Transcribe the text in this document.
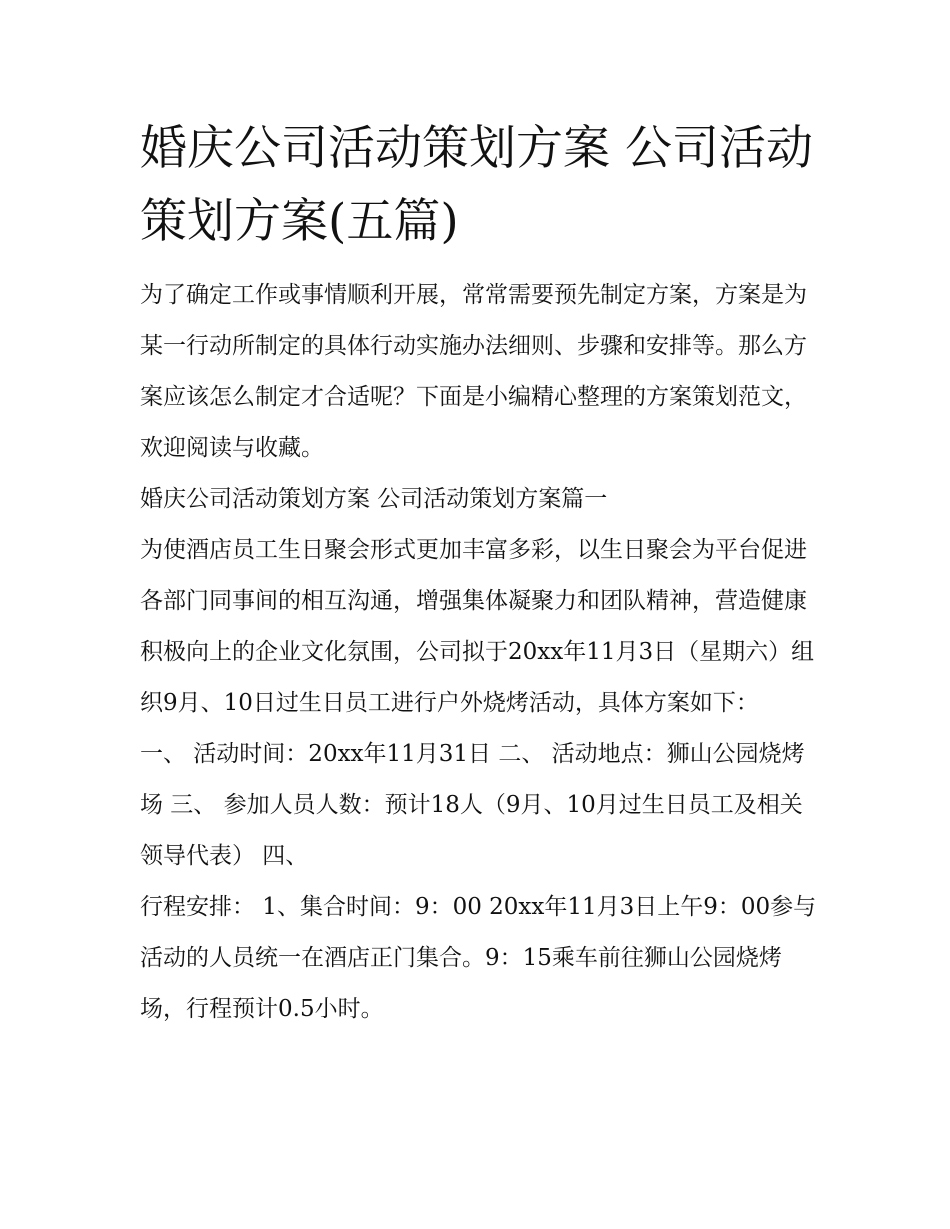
婚庆公司活动策划方案 公司活动策划方案(五篇)

为了确定工作或事情顺利开展，常常需要预先制定方案，方案是为某一行动所制定的具体行动实施办法细则、步骤和安排等。那么方案应该怎么制定才合适呢？下面是小编精心整理的方案策划范文，欢迎阅读与收藏。

婚庆公司活动策划方案 公司活动策划方案篇一

为使酒店员工生日聚会形式更加丰富多彩，以生日聚会为平台促进各部门同事间的相互沟通，增强集体凝聚力和团队精神，营造健康积极向上的企业文化氛围，公司拟于20xx年11月3日（星期六）组织9月、10日过生日员工进行户外烧烤活动，具体方案如下：

一、 活动时间：20xx年11月31日 二、 活动地点：狮山公园烧烤场 三、 参加人员人数：预计18人（9月、10月过生日员工及相关领导代表） 四、

行程安排： 1、集合时间：9：00 20xx年11月3日上午9：00参与活动的人员统一在酒店正门集合。9：15乘车前往狮山公园烧烤场，行程预计0.5小时。
